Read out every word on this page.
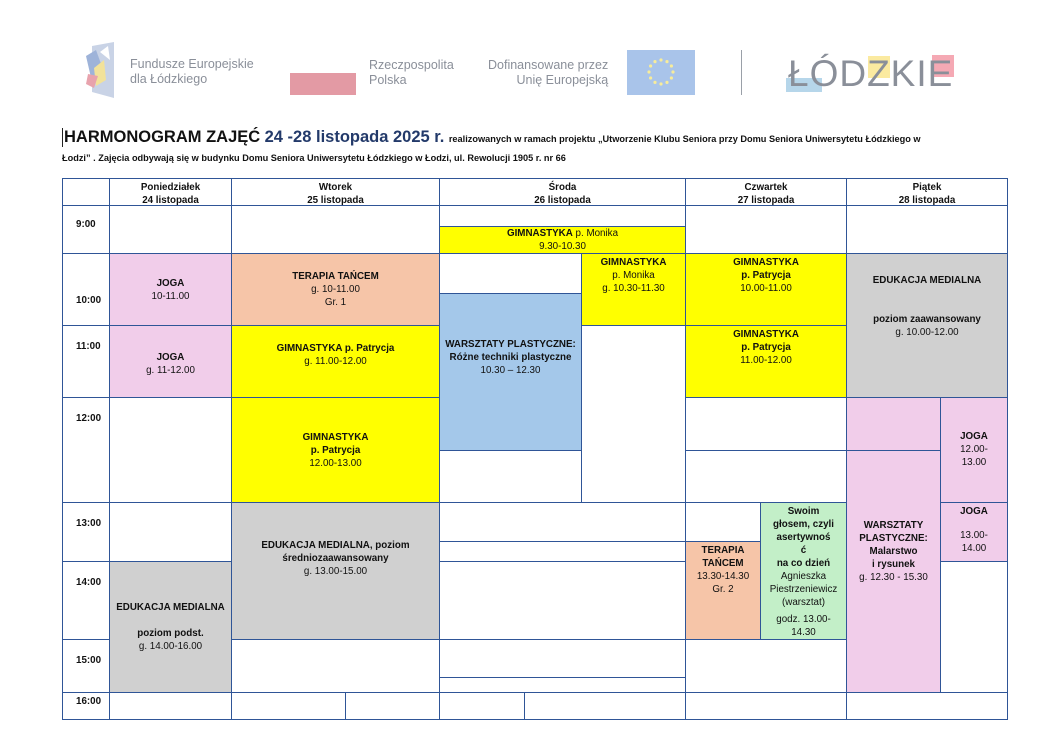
Fundusze Europejskie
dla Łódzkiego
Rzeczpospolita
Polska
Dofinansowane przez
Unię Europejską	ŁÓDZKIE
HARMONOGRAM ZAJĘĆ 24 -28 listopada 2025 r. realizowanych w ramach projektu „Utworzenie Klubu Seniora przy Domu Seniora Uniwersytetu Łódzkiego w
Łodzi” . Zajęcia odbywają się w budynku Domu Seniora Uniwersytetu Łódzkiego w Łodzi, ul. Rewolucji 1905 r. nr 66
Poniedziałek
24 listopada
Wtorek
25 listopada
Środa
26 listopada
Czwartek
27 listopada
Piątek
28 listopada
9:00
10:00
11:00
12:00
13:00
14:00
15:00
16:00
JOGA
10-11.00
JOGA
g. 11-12.00
EDUKACJA MEDIALNA
poziom podst.
g. 14.00-16.00
TERAPIA TAŃCEM
g. 10-11.00
Gr. 1
GIMNASTYKA p. Patrycja
g. 11.00-12.00
GIMNASTYKA
p. Patrycja
12.00-13.00
EDUKACJA MEDIALNA, poziom
średniozaawansowany
g. 13.00-15.00
GIMNASTYKA p. Monika
9.30-10.30
GIMNASTYKA
p. Monika
g. 10.30-11.30
WARSZTATY PLASTYCZNE:
Różne techniki plastyczne
10.30 – 12.30
GIMNASTYKA
p. Patrycja
10.00-11.00
GIMNASTYKA
p. Patrycja
11.00-12.00
TERAPIA
TAŃCEM
13.30-14.30
Gr. 2
Swoim
głosem, czyli
asertywnoś
ć
na co dzień
Agnieszka
Piestrzeniewicz
(warsztat)
godz. 13.00-
14.30
EDUKACJA MEDIALNA
poziom zaawansowany
g. 10.00-12.00
WARSZTATY
PLASTYCZNE:
Malarstwo
i rysunek
g. 12.30 - 15.30
JOGA
12.00-
13.00
JOGA
13.00-
14.00
